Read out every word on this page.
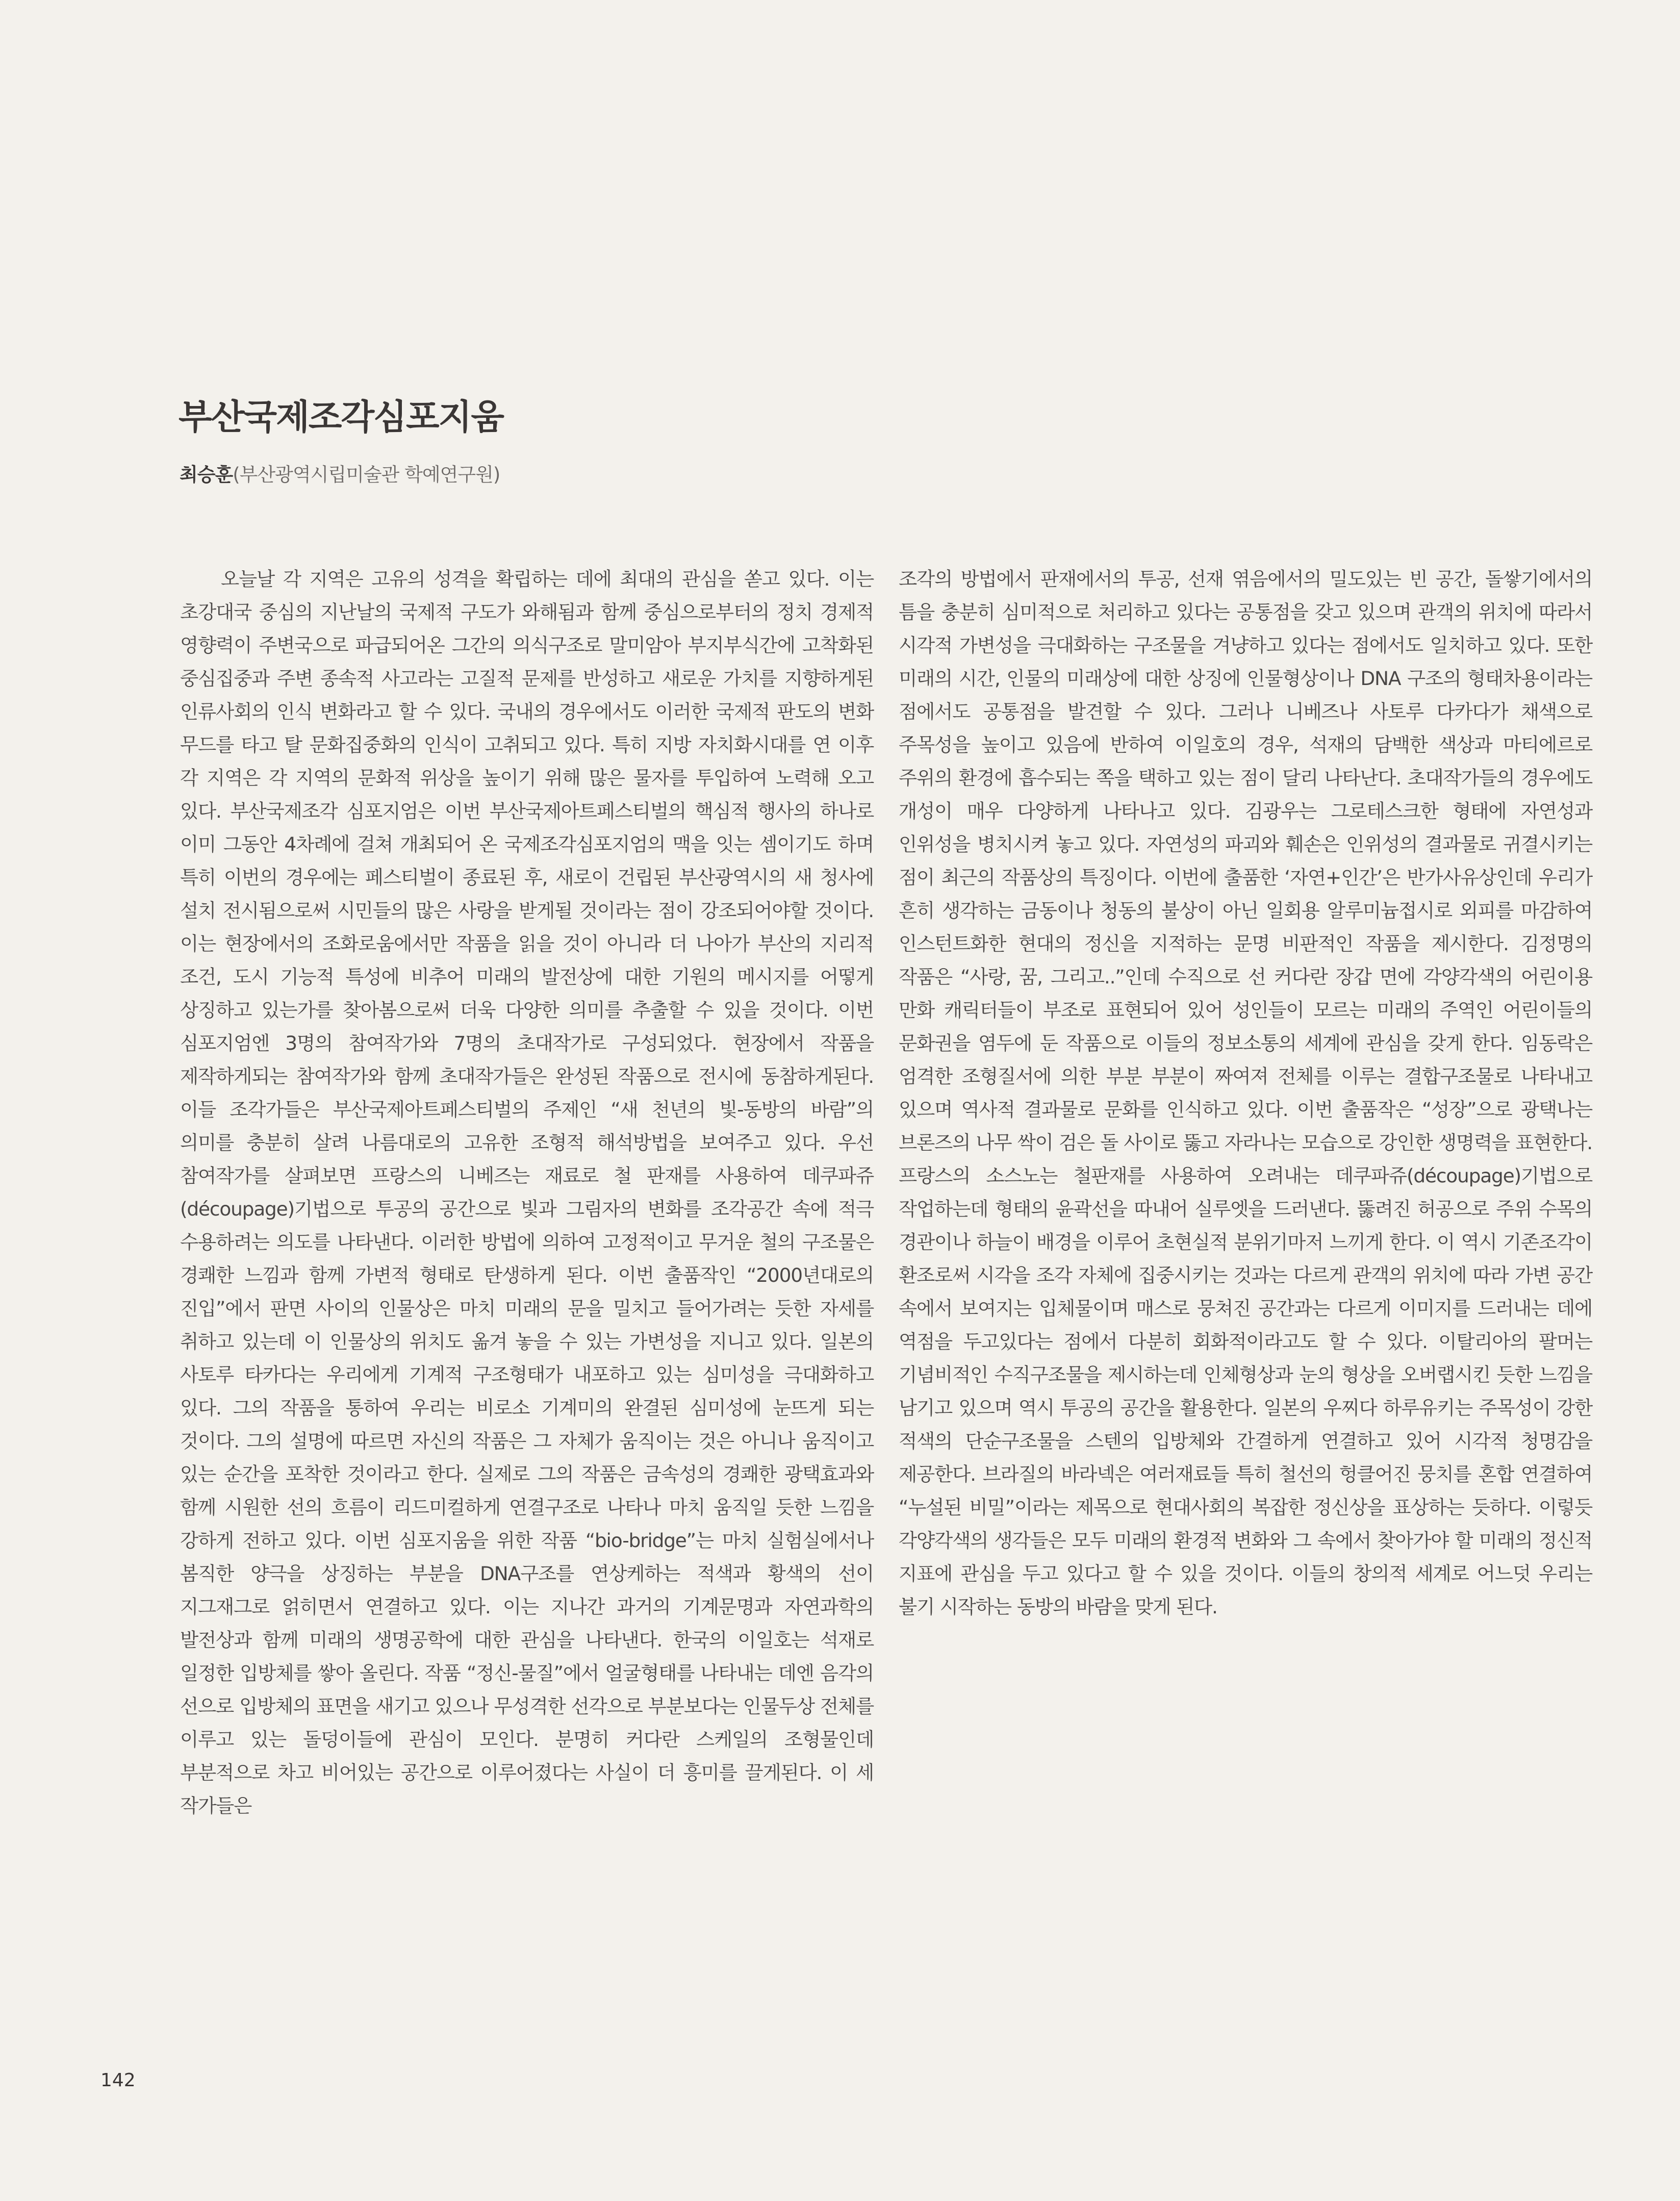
부산국제조각심포지움
최승훈(부산광역시립미술관 학예연구원)

오늘날 각 지역은 고유의 성격을 확립하는 데에 최대의 관심을 쏟고 있다. 이는 초강대국 중심의 지난날의 국제적 구도가 와해됨과 함께 중심으로부터의 정치 경제적 영향력이 주변국으로 파급되어온 그간의 의식구조로 말미암아 부지부식간에 고착화된 중심집중과 주변 종속적 사고라는 고질적 문제를 반성하고 새로운 가치를 지향하게된 인류사회의 인식 변화라고 할 수 있다. 국내의 경우에서도 이러한 국제적 판도의 변화 무드를 타고 탈 문화집중화의 인식이 고취되고 있다. 특히 지방 자치화시대를 연 이후 각 지역은 각 지역의 문화적 위상을 높이기 위해 많은 물자를 투입하여 노력해 오고 있다. 부산국제조각 심포지엄은 이번 부산국제아트페스티벌의 핵심적 행사의 하나로 이미 그동안 4차례에 걸쳐 개최되어 온 국제조각심포지엄의 맥을 잇는 셈이기도 하며 특히 이번의 경우에는 페스티벌이 종료된 후, 새로이 건립된 부산광역시의 새 청사에 설치 전시됨으로써 시민들의 많은 사랑을 받게될 것이라는 점이 강조되어야할 것이다. 이는 현장에서의 조화로움에서만 작품을 읽을 것이 아니라 더 나아가 부산의 지리적 조건, 도시 기능적 특성에 비추어 미래의 발전상에 대한 기원의 메시지를 어떻게 상징하고 있는가를 찾아봄으로써 더욱 다양한 의미를 추출할 수 있을 것이다. 이번 심포지엄엔 3명의 참여작가와 7명의 초대작가로 구성되었다. 현장에서 작품을 제작하게되는 참여작가와 함께 초대작가들은 완성된 작품으로 전시에 동참하게된다. 이들 조각가들은 부산국제아트페스티벌의 주제인 “새 천년의 빛-동방의 바람”의 의미를 충분히 살려 나름대로의 고유한 조형적 해석방법을 보여주고 있다. 우선 참여작가를 살펴보면 프랑스의 니베즈는 재료로 철 판재를 사용하여 데쿠파쥬(découpage)기법으로 투공의 공간으로 빛과 그림자의 변화를 조각공간 속에 적극 수용하려는 의도를 나타낸다. 이러한 방법에 의하여 고정적이고 무거운 철의 구조물은 경쾌한 느낌과 함께 가변적 형태로 탄생하게 된다. 이번 출품작인 “2000년대로의 진입”에서 판면 사이의 인물상은 마치 미래의 문을 밀치고 들어가려는 듯한 자세를 취하고 있는데 이 인물상의 위치도 옮겨 놓을 수 있는 가변성을 지니고 있다. 일본의 사토루 타카다는 우리에게 기계적 구조형태가 내포하고 있는 심미성을 극대화하고 있다. 그의 작품을 통하여 우리는 비로소 기계미의 완결된 심미성에 눈뜨게 되는 것이다. 그의 설명에 따르면 자신의 작품은 그 자체가 움직이는 것은 아니나 움직이고 있는 순간을 포착한 것이라고 한다. 실제로 그의 작품은 금속성의 경쾌한 광택효과와 함께 시원한 선의 흐름이 리드미컬하게 연결구조로 나타나 마치 움직일 듯한 느낌을 강하게 전하고 있다. 이번 심포지움을 위한 작품 “bio-bridge”는 마치 실험실에서나 봄직한 양극을 상징하는 부분을 DNA구조를 연상케하는 적색과 황색의 선이 지그재그로 얽히면서 연결하고 있다. 이는 지나간 과거의 기계문명과 자연과학의 발전상과 함께 미래의 생명공학에 대한 관심을 나타낸다. 한국의 이일호는 석재로 일정한 입방체를 쌓아 올린다. 작품 “정신-물질”에서 얼굴형태를 나타내는 데엔 음각의 선으로 입방체의 표면을 새기고 있으나 무성격한 선각으로 부분보다는 인물두상 전체를 이루고 있는 돌덩이들에 관심이 모인다. 분명히 커다란 스케일의 조형물인데 부분적으로 차고 비어있는 공간으로 이루어졌다는 사실이 더 흥미를 끌게된다. 이 세 작가들은

조각의 방법에서 판재에서의 투공, 선재 엮음에서의 밀도있는 빈 공간, 돌쌓기에서의 틈을 충분히 심미적으로 처리하고 있다는 공통점을 갖고 있으며 관객의 위치에 따라서 시각적 가변성을 극대화하는 구조물을 겨냥하고 있다는 점에서도 일치하고 있다. 또한 미래의 시간, 인물의 미래상에 대한 상징에 인물형상이나 DNA 구조의 형태차용이라는 점에서도 공통점을 발견할 수 있다. 그러나 니베즈나 사토루 다카다가 채색으로 주목성을 높이고 있음에 반하여 이일호의 경우, 석재의 담백한 색상과 마티에르로 주위의 환경에 흡수되는 쪽을 택하고 있는 점이 달리 나타난다. 초대작가들의 경우에도 개성이 매우 다양하게 나타나고 있다. 김광우는 그로테스크한 형태에 자연성과 인위성을 병치시켜 놓고 있다. 자연성의 파괴와 훼손은 인위성의 결과물로 귀결시키는 점이 최근의 작품상의 특징이다. 이번에 출품한 ‘자연+인간’은 반가사유상인데 우리가 흔히 생각하는 금동이나 청동의 불상이 아닌 일회용 알루미늄접시로 외피를 마감하여 인스턴트화한 현대의 정신을 지적하는 문명 비판적인 작품을 제시한다. 김정명의 작품은 “사랑, 꿈, 그리고..”인데 수직으로 선 커다란 장갑 면에 각양각색의 어린이용 만화 캐릭터들이 부조로 표현되어 있어 성인들이 모르는 미래의 주역인 어린이들의 문화권을 염두에 둔 작품으로 이들의 정보소통의 세계에 관심을 갖게 한다. 임동락은 엄격한 조형질서에 의한 부분 부분이 짜여져 전체를 이루는 결합구조물로 나타내고 있으며 역사적 결과물로 문화를 인식하고 있다. 이번 출품작은 “성장”으로 광택나는 브론즈의 나무 싹이 검은 돌 사이로 뚫고 자라나는 모습으로 강인한 생명력을 표현한다. 프랑스의 소스노는 철판재를 사용하여 오려내는 데쿠파쥬(découpage)기법으로 작업하는데 형태의 윤곽선을 따내어 실루엣을 드러낸다. 뚫려진 허공으로 주위 수목의 경관이나 하늘이 배경을 이루어 초현실적 분위기마저 느끼게 한다. 이 역시 기존조각이 환조로써 시각을 조각 자체에 집중시키는 것과는 다르게 관객의 위치에 따라 가변 공간 속에서 보여지는 입체물이며 매스로 뭉쳐진 공간과는 다르게 이미지를 드러내는 데에 역점을 두고있다는 점에서 다분히 회화적이라고도 할 수 있다. 이탈리아의 팔머는 기념비적인 수직구조물을 제시하는데 인체형상과 눈의 형상을 오버랩시킨 듯한 느낌을 남기고 있으며 역시 투공의 공간을 활용한다. 일본의 우찌다 하루유키는 주목성이 강한 적색의 단순구조물을 스텐의 입방체와 간결하게 연결하고 있어 시각적 청명감을 제공한다. 브라질의 바라넥은 여러재료들 특히 철선의 헝클어진 뭉치를 혼합 연결하여 “누설된 비밀”이라는 제목으로 현대사회의 복잡한 정신상을 표상하는 듯하다. 이렇듯 각양각색의 생각들은 모두 미래의 환경적 변화와 그 속에서 찾아가야 할 미래의 정신적 지표에 관심을 두고 있다고 할 수 있을 것이다. 이들의 창의적 세계로 어느덧 우리는 불기 시작하는 동방의 바람을 맞게 된다.

142
